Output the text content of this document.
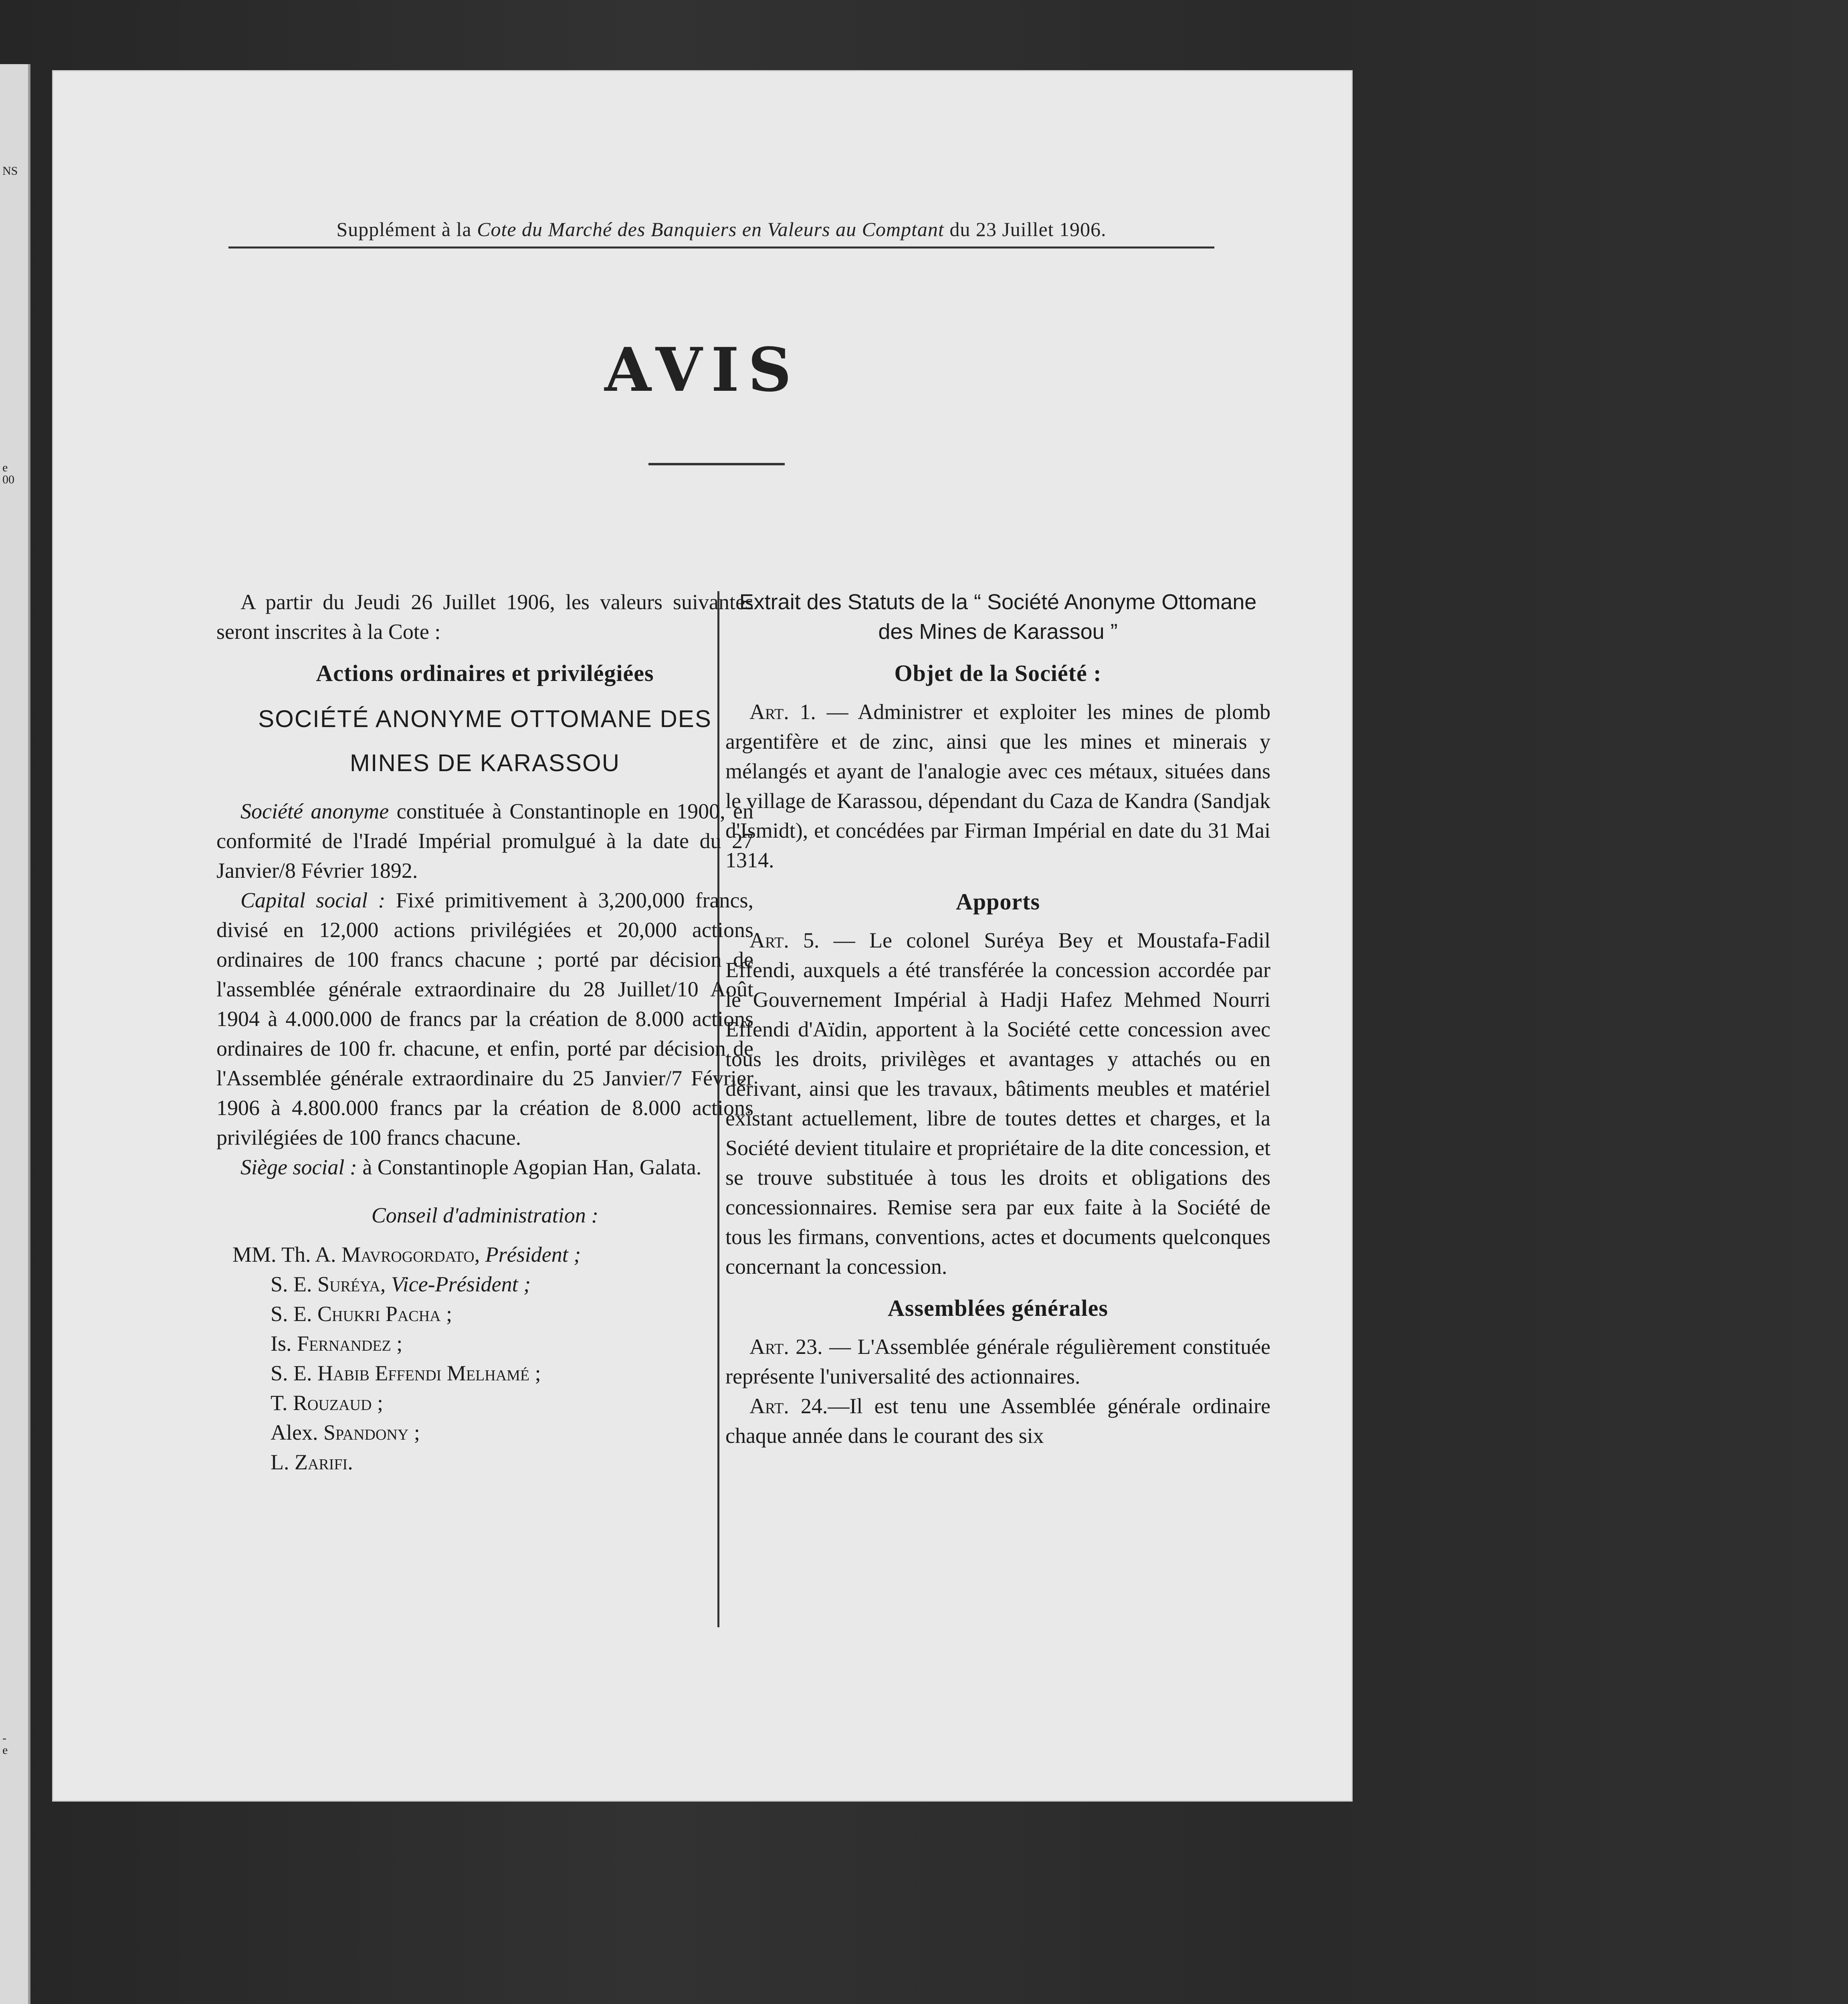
NS
e
00
-
e
Supplément à la Cote du Marché des Banquiers en Valeurs au Comptant du 23 Juillet 1906.
AVIS

A partir du Jeudi 26 Juillet 1906, les valeurs suivantes seront inscrites à la Cote :

Actions ordinaires et privilégiées
SOCIÉTÉ ANONYME OTTOMANE DES
MINES DE KARASSOU

Société anonyme constituée à Constantinople en 1900, en conformité de l'Iradé Impérial promulgué à la date du 27 Janvier/8 Février 1892.

Capital social : Fixé primitivement à 3,200,000 francs, divisé en 12,000 actions privilégiées et 20,000 actions ordinaires de 100 francs chacune ; porté par décision de l'assemblée générale extraordinaire du 28 Juillet/10 Août 1904 à 4.000.000 de francs par la création de 8.000 actions ordinaires de 100 fr. chacune, et enfin, porté par décision de l'Assemblée générale extraordinaire du 25 Janvier/7 Février 1906 à 4.800.000 francs par la création de 8.000 actions privilégiées de 100 francs chacune.

Siège social : à Constantinople Agopian Han, Galata.

Conseil d'administration :
MM. Th. A. Mavrogordato, Président ;
S. E. Suréya, Vice-Président ;
S. E. Chukri Pacha ;
Is. Fernandez ;
S. E. Habib Effendi Melhamé ;
T. Rouzaud ;
Alex. Spandony ;
L. Zarifi.
Extrait des Statuts de la “ Société Anonyme Ottomane des Mines de Karassou ”
Objet de la Société :

Art. 1. — Administrer et exploiter les mines de plomb argentifère et de zinc, ainsi que les mines et minerais y mélangés et ayant de l'analogie avec ces métaux, situées dans le village de Karassou, dépendant du Caza de Kandra (Sandjak d'Ismidt), et concédées par Firman Impérial en date du 31 Mai 1314.

Apports

Art. 5. — Le colonel Suréya Bey et Moustafa-Fadil Effendi, auxquels a été transférée la concession accordée par le Gouvernement Impérial à Hadji Hafez Mehmed Nourri Effendi d'Aïdin, apportent à la Société cette concession avec tous les droits, privilèges et avantages y attachés ou en dérivant, ainsi que les travaux, bâtiments meubles et matériel existant actuellement, libre de toutes dettes et charges, et la Société devient titulaire et propriétaire de la dite concession, et se trouve substituée à tous les droits et obligations des concessionnaires. Remise sera par eux faite à la Société de tous les firmans, conventions, actes et documents quelconques concernant la concession.

Assemblées générales

Art. 23. — L'Assemblée générale régulièrement constituée représente l'universalité des actionnaires.

Art. 24.—Il est tenu une Assemblée générale ordinaire chaque année dans le courant des six
